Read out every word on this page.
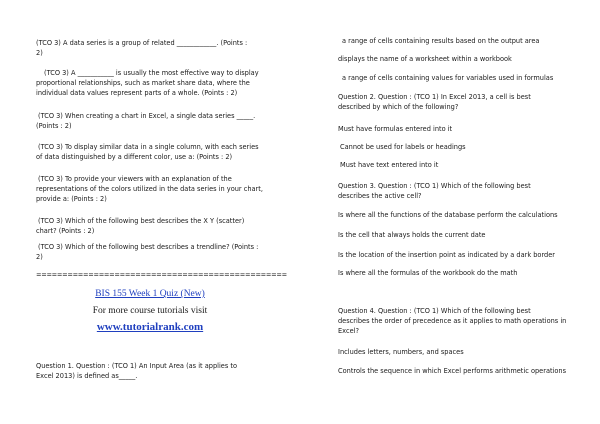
(TCO 3) A data series is a group of related ____________. (Points :
2)
(TCO 3) A ___________ is usually the most effective way to display
proportional relationships, such as market share data, where the
individual data values represent parts of a whole. (Points : 2)
(TCO 3) When creating a chart in Excel, a single data series _____.
(Points : 2)
(TCO 3) To display similar data in a single column, with each series
of data distinguished by a different color, use a: (Points : 2)
(TCO 3) To provide your viewers with an explanation of the
representations of the colors utilized in the data series in your chart,
provide a: (Points : 2)
(TCO 3) Which of the following best describes the X Y (scatter)
chart? (Points : 2)
(TCO 3) Which of the following best describes a trendline? (Points :
2)
================================================
BIS 155 Week 1 Quiz (New)
For more course tutorials visit
www.tutorialrank.com
Question 1. Question : (TCO 1) An Input Area (as it applies to
Excel 2013) is defined as_____.
a range of cells containing results based on the output area
displays the name of a worksheet within a workbook
a range of cells containing values for variables used in formulas
Question 2. Question : (TCO 1) In Excel 2013, a cell is best
described by which of the following?
Must have formulas entered into it
Cannot be used for labels or headings
Must have text entered into it
Question 3. Question : (TCO 1) Which of the following best
describes the active cell?
Is where all the functions of the database perform the calculations
Is the cell that always holds the current date
Is the location of the insertion point as indicated by a dark border
Is where all the formulas of the workbook do the math
Question 4. Question : (TCO 1) Which of the following best
describes the order of precedence as it applies to math operations in
Excel?
Includes letters, numbers, and spaces
Controls the sequence in which Excel performs arithmetic operations
